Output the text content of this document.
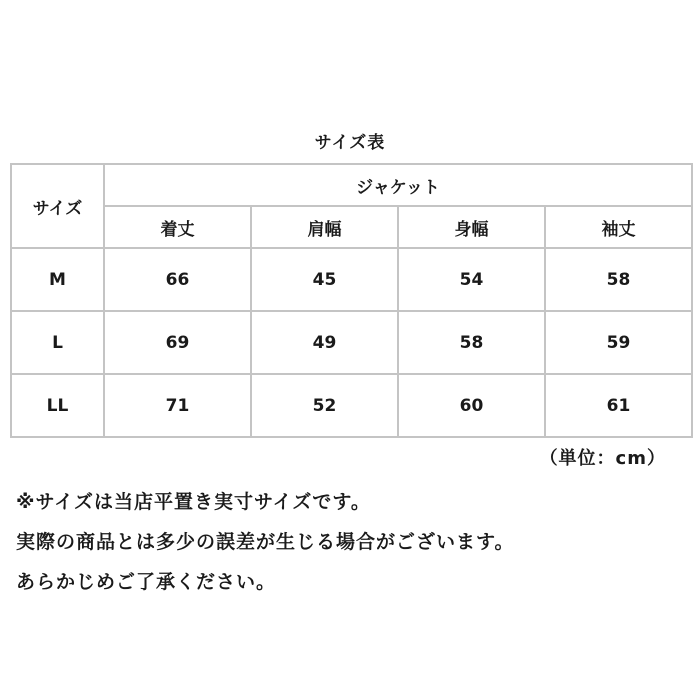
サイズ表
サイズ	ジャケット			
	着丈	肩幅	身幅	袖丈
M	66	45	54	58
L	69	49	58	59
LL	71	52	60	61
（単位：cm）
※サイズは当店平置き実寸サイズです。
実際の商品とは多少の誤差が生じる場合がございます。
あらかじめご了承ください。
